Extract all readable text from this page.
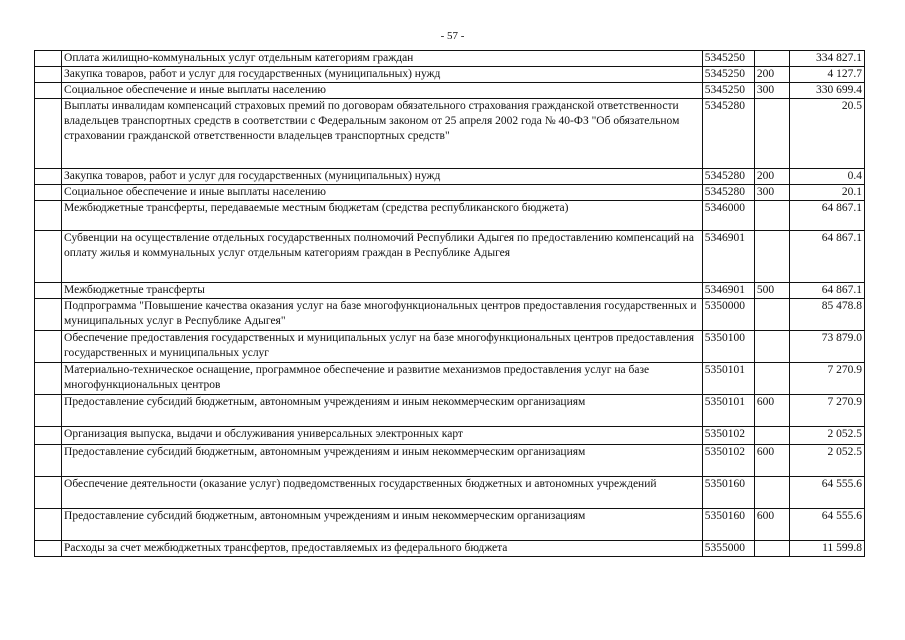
- 57 -
	Оплата жилищно-коммунальных услуг отдельным категориям граждан	5345250		334 827.1
	Закупка товаров, работ и услуг для государственных (муниципальных) нужд	5345250	200	4 127.7
	Социальное обеспечение и иные выплаты населению	5345250	300	330 699.4
	Выплаты инвалидам компенсаций страховых премий по договорам обязательного страхования гражданской ответственности владельцев транспортных средств в соответствии с Федеральным законом от 25 апреля 2002 года № 40-ФЗ "Об обязательном страховании гражданской ответственности владельцев транспортных средств"	5345280		20.5
	Закупка товаров, работ и услуг для государственных (муниципальных) нужд	5345280	200	0.4
	Социальное обеспечение и иные выплаты населению	5345280	300	20.1
	Межбюджетные трансферты, передаваемые местным бюджетам (средства республиканского бюджета)	5346000		64 867.1
	Субвенции на осуществление отдельных государственных полномочий Республики Адыгея по предоставлению компенсаций на оплату жилья и коммунальных услуг отдельным категориям граждан в Республике Адыгея	5346901		64 867.1
	Межбюджетные трансферты	5346901	500	64 867.1
	Подпрограмма "Повышение качества оказания услуг на базе многофункциональных центров предоставления государственных и муниципальных услуг в Республике Адыгея"	5350000		85 478.8
	Обеспечение предоставления государственных и муниципальных услуг на базе многофункциональных центров предоставления государственных и муниципальных услуг	5350100		73 879.0
	Материально-техническое оснащение, программное обеспечение и развитие механизмов предоставления услуг на базе многофункциональных центров	5350101		7 270.9
	Предоставление субсидий бюджетным, автономным учреждениям и иным некоммерческим организациям	5350101	600	7 270.9
	Организация выпуска, выдачи и обслуживания универсальных электронных карт	5350102		2 052.5
	Предоставление субсидий бюджетным, автономным учреждениям и иным некоммерческим организациям	5350102	600	2 052.5
	Обеспечение деятельности (оказание услуг) подведомственных государственных бюджетных и автономных учреждений	5350160		64 555.6
	Предоставление субсидий бюджетным, автономным учреждениям и иным некоммерческим организациям	5350160	600	64 555.6
	Расходы за счет межбюджетных трансфертов, предоставляемых из федерального бюджета	5355000		11 599.8
